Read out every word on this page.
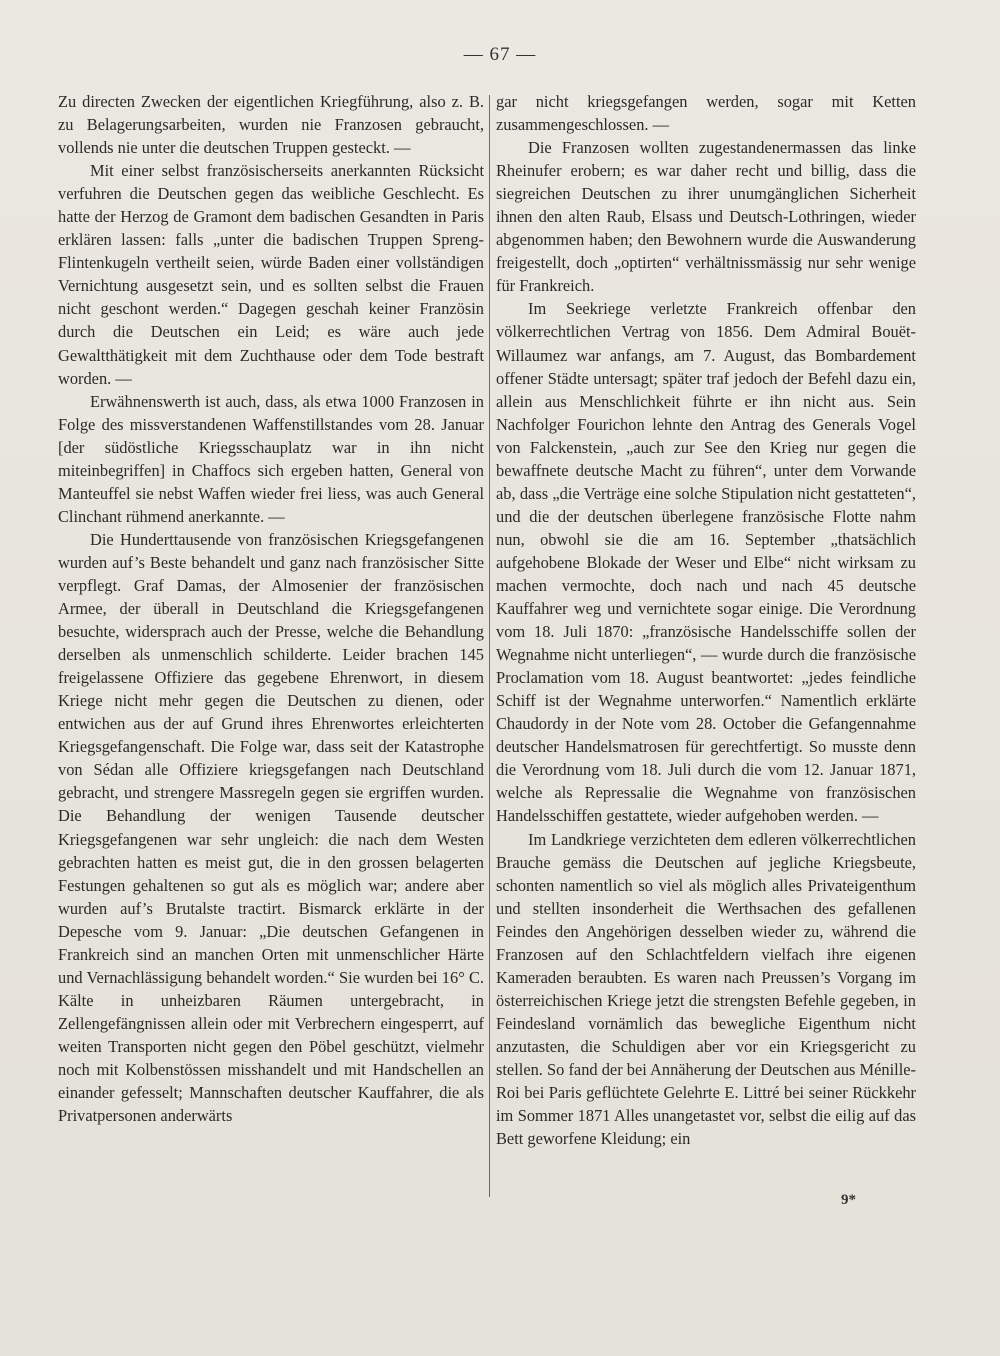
— 67 —

Zu directen Zwecken der eigentlichen Kriegführung, also z. B. zu Belagerungsarbeiten, wurden nie Franzosen gebraucht, vollends nie unter die deutschen Truppen gesteckt. —

Mit einer selbst französischerseits anerkannten Rücksicht verfuhren die Deutschen gegen das weibliche Geschlecht. Es hatte der Herzog de Gramont dem badischen Gesandten in Paris erklären lassen: falls „unter die badischen Truppen Spreng-Flintenkugeln vertheilt seien, würde Baden einer vollständigen Vernichtung ausgesetzt sein, und es sollten selbst die Frauen nicht geschont werden.“ Dagegen geschah keiner Französin durch die Deutschen ein Leid; es wäre auch jede Gewaltthätigkeit mit dem Zuchthause oder dem Tode bestraft worden. —

Erwähnenswerth ist auch, dass, als etwa 1000 Franzosen in Folge des missverstandenen Waffenstillstandes vom 28. Januar [der südöstliche Kriegsschauplatz war in ihn nicht miteinbegriffen] in Chaffocs sich ergeben hatten, General von Manteuffel sie nebst Waffen wieder frei liess, was auch General Clinchant rühmend anerkannte. —

Die Hunderttausende von französischen Kriegsgefangenen wurden auf’s Beste behandelt und ganz nach französischer Sitte verpflegt. Graf Damas, der Almosenier der französischen Armee, der überall in Deutschland die Kriegsgefangenen besuchte, widersprach auch der Presse, welche die Behandlung derselben als unmenschlich schilderte. Leider brachen 145 freigelassene Offiziere das gegebene Ehrenwort, in diesem Kriege nicht mehr gegen die Deutschen zu dienen, oder entwichen aus der auf Grund ihres Ehrenwortes erleichterten Kriegsgefangenschaft. Die Folge war, dass seit der Katastrophe von Sédan alle Offiziere kriegsgefangen nach Deutschland gebracht, und strengere Massregeln gegen sie ergriffen wurden. Die Behandlung der wenigen Tausende deutscher Kriegsgefangenen war sehr ungleich: die nach dem Westen gebrachten hatten es meist gut, die in den grossen belagerten Festungen gehaltenen so gut als es möglich war; andere aber wurden auf’s Brutalste tractirt. Bismarck erklärte in der Depesche vom 9. Januar: „Die deutschen Gefangenen in Frankreich sind an manchen Orten mit unmenschlicher Härte und Vernachlässigung behandelt worden.“ Sie wurden bei 16° C. Kälte in unheizbaren Räumen untergebracht, in Zellengefängnissen allein oder mit Verbrechern eingesperrt, auf weiten Transporten nicht gegen den Pöbel geschützt, vielmehr noch mit Kolbenstössen misshandelt und mit Handschellen an einander gefesselt; Mannschaften deutscher Kauffahrer, die als Privatpersonen anderwärts

gar nicht kriegsgefangen werden, sogar mit Ketten zusammengeschlossen. —

Die Franzosen wollten zugestandenermassen das linke Rheinufer erobern; es war daher recht und billig, dass die siegreichen Deutschen zu ihrer unumgänglichen Sicherheit ihnen den alten Raub, Elsass und Deutsch-Lothringen, wieder abgenommen haben; den Bewohnern wurde die Auswanderung freigestellt, doch „optirten“ verhältnissmässig nur sehr wenige für Frankreich.

Im Seekriege verletzte Frankreich offenbar den völkerrechtlichen Vertrag von 1856. Dem Admiral Bouët-Willaumez war anfangs, am 7. August, das Bombardement offener Städte untersagt; später traf jedoch der Befehl dazu ein, allein aus Menschlichkeit führte er ihn nicht aus. Sein Nachfolger Fourichon lehnte den Antrag des Generals Vogel von Falckenstein, „auch zur See den Krieg nur gegen die bewaffnete deutsche Macht zu führen“, unter dem Vorwande ab, dass „die Verträge eine solche Stipulation nicht gestatteten“, und die der deutschen überlegene französische Flotte nahm nun, obwohl sie die am 16. September „thatsächlich aufgehobene Blokade der Weser und Elbe“ nicht wirksam zu machen vermochte, doch nach und nach 45 deutsche Kauffahrer weg und vernichtete sogar einige. Die Verordnung vom 18. Juli 1870: „französische Handelsschiffe sollen der Wegnahme nicht unterliegen“, — wurde durch die französische Proclamation vom 18. August beantwortet: „jedes feindliche Schiff ist der Wegnahme unterworfen.“ Namentlich erklärte Chaudordy in der Note vom 28. October die Gefangennahme deutscher Handelsmatrosen für gerechtfertigt. So musste denn die Verordnung vom 18. Juli durch die vom 12. Januar 1871, welche als Repressalie die Wegnahme von französischen Handelsschiffen gestattete, wieder aufgehoben werden. —

Im Landkriege verzichteten dem edleren völkerrechtlichen Brauche gemäss die Deutschen auf jegliche Kriegsbeute, schonten namentlich so viel als möglich alles Privateigenthum und stellten insonderheit die Werthsachen des gefallenen Feindes den Angehörigen desselben wieder zu, während die Franzosen auf den Schlachtfeldern vielfach ihre eigenen Kameraden beraubten. Es waren nach Preussen’s Vorgang im österreichischen Kriege jetzt die strengsten Befehle gegeben, in Feindesland vornämlich das bewegliche Eigenthum nicht anzutasten, die Schuldigen aber vor ein Kriegsgericht zu stellen. So fand der bei Annäherung der Deutschen aus Ménille-Roi bei Paris geflüchtete Gelehrte E. Littré bei seiner Rückkehr im Sommer 1871 Alles unangetastet vor, selbst die eilig auf das Bett geworfene Kleidung; ein

9*
